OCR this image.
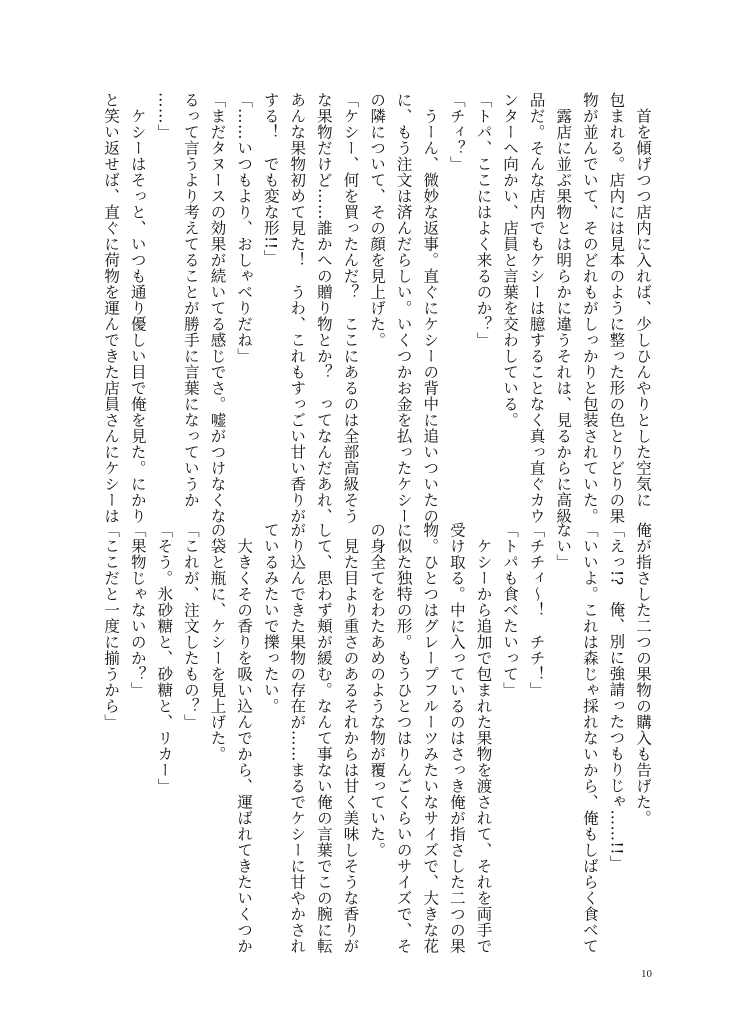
首を傾げつつ店内に入れば、少しひんやりとした空気に
包まれる。店内には見本のように整った形の色とりどりの果
物が並んでいて、そのどれもがしっかりと包装されていた。
露店に並ぶ果物とは明らかに違うそれは、見るからに高級
品だ。そんな店内でもケシーは臆することなく真っ直ぐカウ
ンターへ向かい、店員と言葉を交わしている。
「トパ、ここにはよく来るのか？」
「チィ？」
うーん、微妙な返事。直ぐにケシーの背中に追いついたの
に、もう注文は済んだらしい。いくつかお金を払ったケシー
の隣について、その顔を見上げた。
「ケシー、何を買ったんだ？　ここにあるのは全部高級そう
な果物だけど……誰かへの贈り物とか？　ってなんだあれ、
あんな果物初めて見た！　うわ、これもすっごい甘い香りが
する！　でも変な形!!」
「……いつもより、おしゃべりだね」
「まだタヌースの効果が続いてる感じでさ。嘘がつけなくな
るって言うより考えてることが勝手に言葉になっていうか
……」
ケシーはそっと、いつも通り優しい目で俺を見た。にかり
と笑い返せば、直ぐに荷物を運んできた店員さんにケシーは
俺が指さした二つの果物の購入も告げた。
「えっ!?　俺、別に強請ったつもりじゃ……!!」
「いいよ。これは森じゃ採れないから、俺もしばらく食べて
ない」
「チチィ〜！　チチ！」
「トパも食べたいって」
ケシーから追加で包まれた果物を渡されて、それを両手で
受け取る。中に入っているのはさっき俺が指さした二つの果
物。ひとつはグレープフルーツみたいなサイズで、大きな花
に似た独特の形。もうひとつはりんごくらいのサイズで、そ
の身全てをわたあめのような物が覆っていた。
見た目より重さのあるそれからは甘く美味しそうな香りが
して、思わず頬が緩む。なんて事ない俺の言葉でこの腕に転
がり込んできた果物の存在が……まるでケシーに甘やかされ
ているみたいで擽ったい。
大きくその香りを吸い込んでから、運ばれてきたいくつか
の袋と瓶に、ケシーを見上げた。
「これが、注文したもの？」
「そう。氷砂糖と、砂糖と、リカー」
「果物じゃないのか？」
「ここだと一度に揃うから」
10
